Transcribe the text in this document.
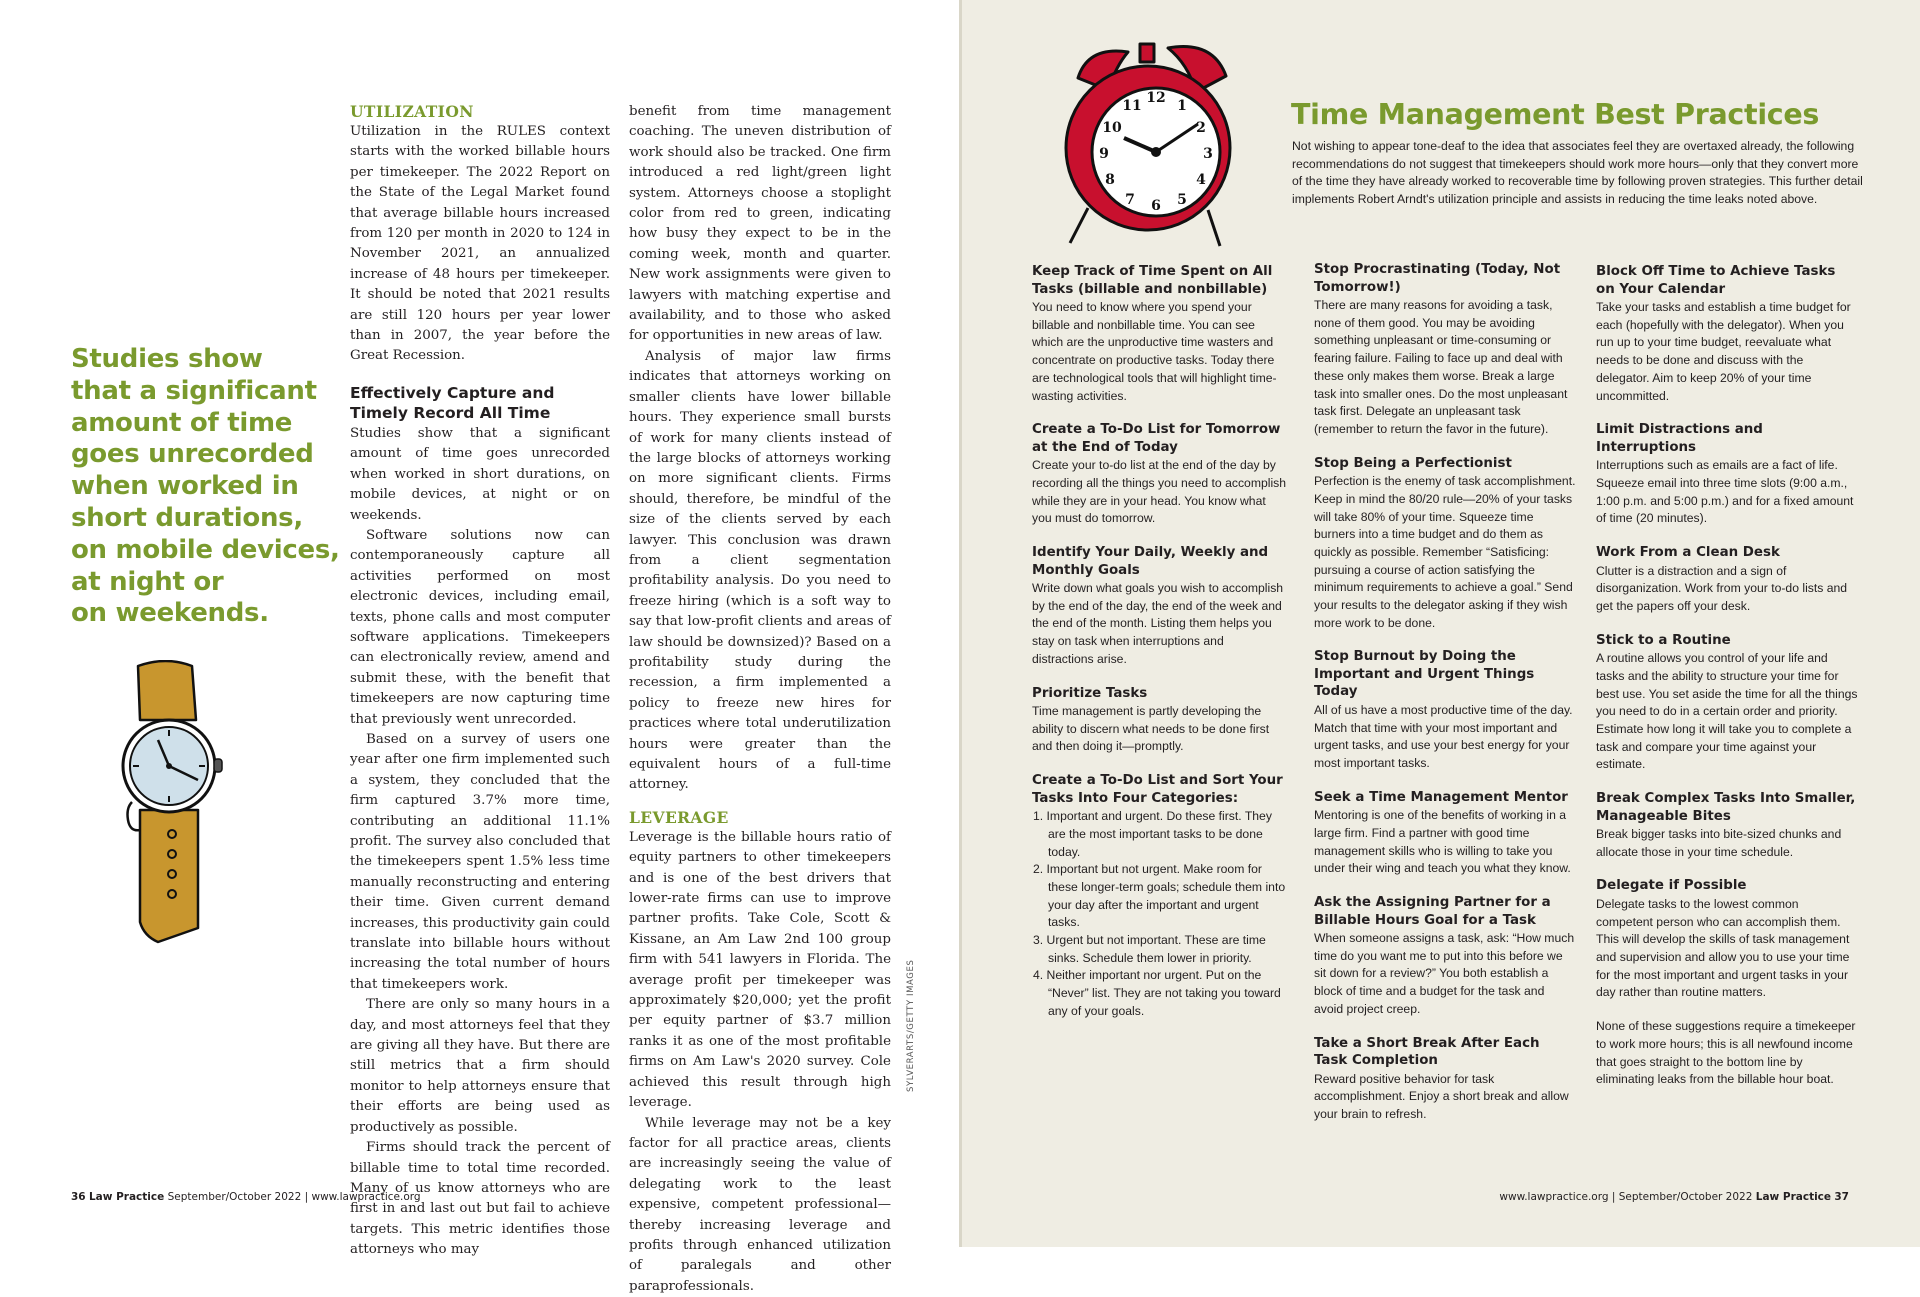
Studies show
that a significant
amount of time
goes unrecorded
when worked in
short durations,
on mobile devices,
at night or
on weekends.
UTILIZATION

Utilization in the RULES context starts with the worked billable hours per timekeeper. The 2022 Report on the State of the Legal Market found that average billable hours increased from 120 per month in 2020 to 124 in November 2021, an annualized increase of 48 hours per timekeeper. It should be noted that 2021 results are still 120 hours per year lower than in 2007, the year before the Great Recession.

Effectively Capture and Timely Record All Time

Studies show that a significant amount of time goes unrecorded when worked in short durations, on mobile devices, at night or on weekends.

Software solutions now can contemporaneously capture all activities performed on most electronic devices, including email, texts, phone calls and most computer software applications. Timekeepers can electronically review, amend and submit these, with the benefit that timekeepers are now capturing time that previously went unrecorded.

Based on a survey of users one year after one firm implemented such a system, they concluded that the firm captured 3.7% more time, contributing an additional 11.1% profit. The survey also concluded that the timekeepers spent 1.5% less time manually reconstructing and entering their time. Given current demand increases, this productivity gain could translate into billable hours without increasing the total number of hours that timekeepers work.

There are only so many hours in a day, and most attorneys feel that they are giving all they have. But there are still metrics that a firm should monitor to help attorneys ensure that their efforts are being used as productively as possible.

Firms should track the percent of billable time to total time recorded. Many of us know attorneys who are first in and last out but fail to achieve targets. This metric identifies those attorneys who may

benefit from time management coaching. The uneven distribution of work should also be tracked. One firm introduced a red light/green light system. Attorneys choose a stoplight color from red to green, indicating how busy they expect to be in the coming week, month and quarter. New work assignments were given to lawyers with matching expertise and availability, and to those who asked for opportunities in new areas of law.

Analysis of major law firms indicates that attorneys working on smaller clients have lower billable hours. They experience small bursts of work for many clients instead of the large blocks of attorneys working on more significant clients. Firms should, therefore, be mindful of the size of the clients served by each lawyer. This conclusion was drawn from a client segmentation profitability analysis. Do you need to freeze hiring (which is a soft way to say that low-profit clients and areas of law should be downsized)? Based on a profitability study during the recession, a firm implemented a policy to freeze new hires for practices where total underutilization hours were greater than the equivalent hours of a full-time attorney.

LEVERAGE

Leverage is the billable hours ratio of equity partners to other timekeepers and is one of the best drivers that lower-rate firms can use to improve partner profits. Take Cole, Scott & Kissane, an Am Law 2nd 100 group firm with 541 lawyers in Florida. The average profit per timekeeper was approximately $20,000; yet the profit per equity partner of $3.7 million ranks it as one of the most profitable firms on Am Law's 2020 survey. Cole achieved this result through high leverage.

While leverage may not be a key factor for all practice areas, clients are increasingly seeing the value of delegating work to the least expensive, competent professional—thereby increasing leverage and profits through enhanced utilization of paralegals and other paraprofessionals.

SYLVERARTS/GETTY IMAGES
36 Law Practice September/October 2022 | www.lawpractice.org
12
3
6
9
1
2
4
5
7
8
10
11	Time Management Best Practices
Not wishing to appear tone-deaf to the idea that associates feel they are overtaxed already, the following recommendations do not suggest that timekeepers should work more hours—only that they convert more of the time they have already worked to recoverable time by following proven strategies. This further detail implements Robert Arndt's utilization principle and assists in reducing the time leaks noted above.
Keep Track of Time Spent on All Tasks (billable and nonbillable)
You need to know where you spend your billable and nonbillable time. You can see which are the unproductive time wasters and concentrate on productive tasks. Today there are technological tools that will highlight time-wasting activities.
Create a To-Do List for Tomorrow at the End of Today
Create your to-do list at the end of the day by recording all the things you need to accomplish while they are in your head. You know what you must do tomorrow.
Identify Your Daily, Weekly and Monthly Goals
Write down what goals you wish to accomplish by the end of the day, the end of the week and the end of the month. Listing them helps you stay on task when interruptions and distractions arise.
Prioritize Tasks
Time management is partly developing the ability to discern what needs to be done first and then doing it—promptly.
Create a To-Do List and Sort Your Tasks Into Four Categories:
1. Important and urgent. Do these first. They are the most important tasks to be done today.
2. Important but not urgent. Make room for these longer-term goals; schedule them into your day after the important and urgent tasks.
3. Urgent but not important. These are time sinks. Schedule them lower in priority.
4. Neither important nor urgent. Put on the “Never” list. They are not taking you toward any of your goals.
Stop Procrastinating (Today, Not Tomorrow!)
There are many reasons for avoiding a task, none of them good. You may be avoiding something unpleasant or time-consuming or fearing failure. Failing to face up and deal with these only makes them worse. Break a large task into smaller ones. Do the most unpleasant task first. Delegate an unpleasant task (remember to return the favor in the future).
Stop Being a Perfectionist
Perfection is the enemy of task accomplishment. Keep in mind the 80/20 rule—20% of your tasks will take 80% of your time. Squeeze time burners into a time budget and do them as quickly as possible. Remember “Satisficing: pursuing a course of action satisfying the minimum requirements to achieve a goal.” Send your results to the delegator asking if they wish more work to be done.
Stop Burnout by Doing the Important and Urgent Things Today
All of us have a most productive time of the day. Match that time with your most important and urgent tasks, and use your best energy for your most important tasks.
Seek a Time Management Mentor
Mentoring is one of the benefits of working in a large firm. Find a partner with good time management skills who is willing to take you under their wing and teach you what they know.
Ask the Assigning Partner for a Billable Hours Goal for a Task
When someone assigns a task, ask: “How much time do you want me to put into this before we sit down for a review?” You both establish a block of time and a budget for the task and avoid project creep.
Take a Short Break After Each Task Completion
Reward positive behavior for task accomplishment. Enjoy a short break and allow your brain to refresh.
Block Off Time to Achieve Tasks on Your Calendar
Take your tasks and establish a time budget for each (hopefully with the delegator). When you run up to your time budget, reevaluate what needs to be done and discuss with the delegator. Aim to keep 20% of your time uncommitted.
Limit Distractions and Interruptions
Interruptions such as emails are a fact of life. Squeeze email into three time slots (9:00 a.m., 1:00 p.m. and 5:00 p.m.) and for a fixed amount of time (20 minutes).
Work From a Clean Desk
Clutter is a distraction and a sign of disorganization. Work from your to-do lists and get the papers off your desk.
Stick to a Routine
A routine allows you control of your life and tasks and the ability to structure your time for best use. You set aside the time for all the things you need to do in a certain order and priority. Estimate how long it will take you to complete a task and compare your time against your estimate.
Break Complex Tasks Into Smaller, Manageable Bites
Break bigger tasks into bite-sized chunks and allocate those in your time schedule.
Delegate if Possible
Delegate tasks to the lowest common competent person who can accomplish them. This will develop the skills of task management and supervision and allow you to use your time for the most important and urgent tasks in your day rather than routine matters.
None of these suggestions require a timekeeper to work more hours; this is all newfound income that goes straight to the bottom line by eliminating leaks from the billable hour boat.
www.lawpractice.org | September/October 2022 Law Practice 37
